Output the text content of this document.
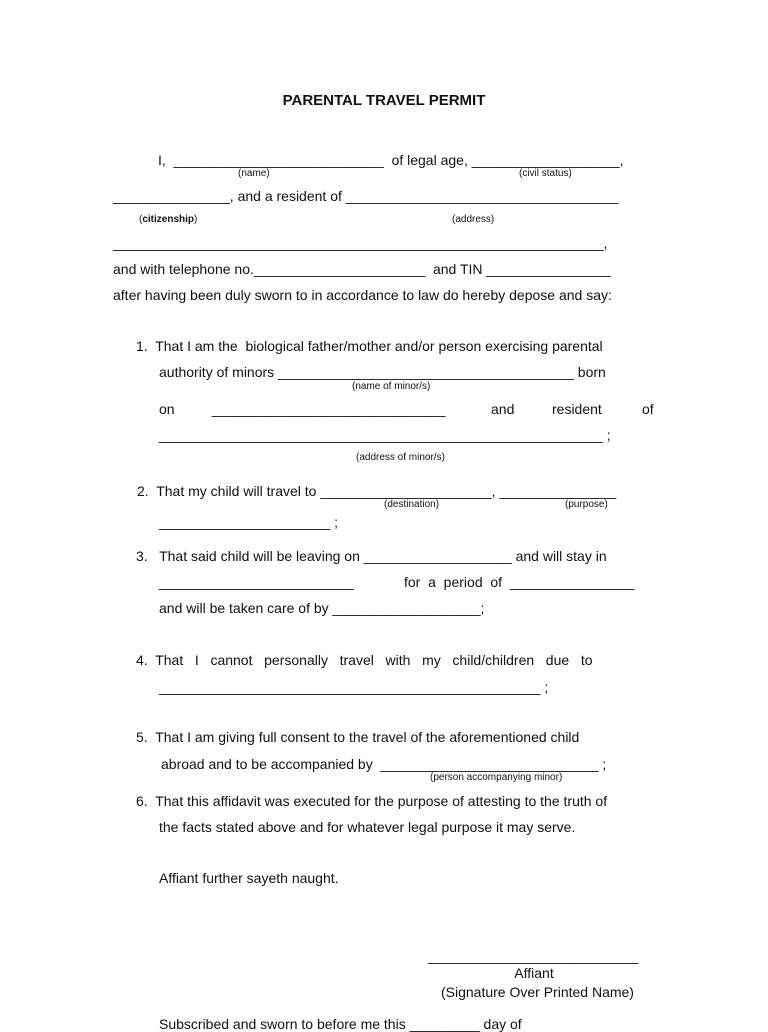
PARENTAL TRAVEL PERMIT
I,  ___________________________  of legal age, ___________________,
(name)	(civil status)
_______________, and a resident of ___________________________________
(citizenship)	(address)
_______________________________________________________________,
and with telephone no.______________________  and TIN ________________
after having been duly sworn to in accordance to law do hereby depose and say:
1.  That I am the  biological father/mother and/or person exercising parental
authority of minors ______________________________________ born
(name of minor/s)
on	______________________________	and	resident	of
_________________________________________________________ ;
(address of minor/s)
2.  That my child will travel to ______________________, _______________
(destination)	(purpose)
______________________ ;
3.   That said child will be leaving on ___________________ and will stay in
_________________________	for  a  period  of  ________________
and will be taken care of by ___________________;
4.  That   I   cannot   personally   travel   with   my   child/children   due   to
_________________________________________________ ;
5.  That I am giving full consent to the travel of the aforementioned child
abroad and to be accompanied by  ____________________________ ;
(person accompanying minor)
6.  That this affidavit was executed for the purpose of attesting to the truth of
the facts stated above and for whatever legal purpose it may serve.
Affiant further sayeth naught.
___________________________
Affiant
(Signature Over Printed Name)
Subscribed and sworn to before me this _________ day of
